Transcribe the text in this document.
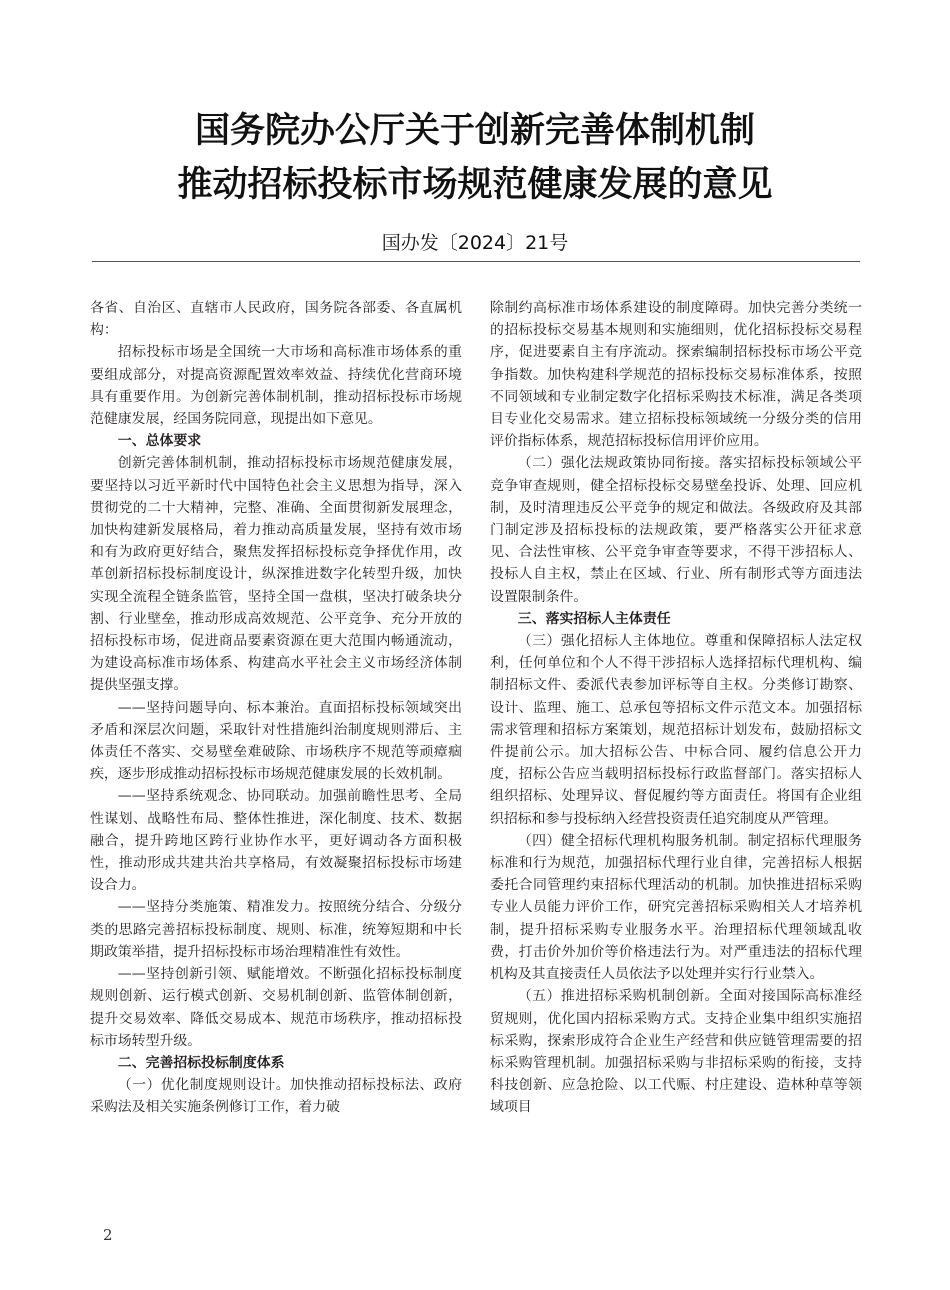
国务院办公厅关于创新完善体制机制
推动招标投标市场规范健康发展的意见
国办发〔2024〕21号

各省、自治区、直辖市人民政府，国务院各部委、各直属机构：

招标投标市场是全国统一大市场和高标准市场体系的重要组成部分，对提高资源配置效率效益、持续优化营商环境具有重要作用。为创新完善体制机制，推动招标投标市场规范健康发展，经国务院同意，现提出如下意见。

一、总体要求

创新完善体制机制，推动招标投标市场规范健康发展，要坚持以习近平新时代中国特色社会主义思想为指导，深入贯彻党的二十大精神，完整、准确、全面贯彻新发展理念，加快构建新发展格局，着力推动高质量发展，坚持有效市场和有为政府更好结合，聚焦发挥招标投标竞争择优作用，改革创新招标投标制度设计，纵深推进数字化转型升级，加快实现全流程全链条监管，坚持全国一盘棋，坚决打破条块分割、行业壁垒，推动形成高效规范、公平竞争、充分开放的招标投标市场，促进商品要素资源在更大范围内畅通流动，为建设高标准市场体系、构建高水平社会主义市场经济体制提供坚强支撑。

——坚持问题导向、标本兼治。直面招标投标领域突出矛盾和深层次问题，采取针对性措施纠治制度规则滞后、主体责任不落实、交易壁垒难破除、市场秩序不规范等顽瘴痼疾，逐步形成推动招标投标市场规范健康发展的长效机制。

——坚持系统观念、协同联动。加强前瞻性思考、全局性谋划、战略性布局、整体性推进，深化制度、技术、数据融合，提升跨地区跨行业协作水平，更好调动各方面积极性，推动形成共建共治共享格局，有效凝聚招标投标市场建设合力。

——坚持分类施策、精准发力。按照统分结合、分级分类的思路完善招标投标制度、规则、标准，统筹短期和中长期政策举措，提升招标投标市场治理精准性有效性。

——坚持创新引领、赋能增效。不断强化招标投标制度规则创新、运行模式创新、交易机制创新、监管体制创新，提升交易效率、降低交易成本、规范市场秩序，推动招标投标市场转型升级。

二、完善招标投标制度体系

（一）优化制度规则设计。加快推动招标投标法、政府采购法及相关实施条例修订工作，着力破

除制约高标准市场体系建设的制度障碍。加快完善分类统一的招标投标交易基本规则和实施细则，优化招标投标交易程序，促进要素自主有序流动。探索编制招标投标市场公平竞争指数。加快构建科学规范的招标投标交易标准体系，按照不同领域和专业制定数字化招标采购技术标准，满足各类项目专业化交易需求。建立招标投标领域统一分级分类的信用评价指标体系，规范招标投标信用评价应用。

（二）强化法规政策协同衔接。落实招标投标领域公平竞争审查规则，健全招标投标交易壁垒投诉、处理、回应机制，及时清理违反公平竞争的规定和做法。各级政府及其部门制定涉及招标投标的法规政策，要严格落实公开征求意见、合法性审核、公平竞争审查等要求，不得干涉招标人、投标人自主权，禁止在区域、行业、所有制形式等方面违法设置限制条件。

三、落实招标人主体责任

（三）强化招标人主体地位。尊重和保障招标人法定权利，任何单位和个人不得干涉招标人选择招标代理机构、编制招标文件、委派代表参加评标等自主权。分类修订勘察、设计、监理、施工、总承包等招标文件示范文本。加强招标需求管理和招标方案策划，规范招标计划发布，鼓励招标文件提前公示。加大招标公告、中标合同、履约信息公开力度，招标公告应当载明招标投标行政监督部门。落实招标人组织招标、处理异议、督促履约等方面责任。将国有企业组织招标和参与投标纳入经营投资责任追究制度从严管理。

（四）健全招标代理机构服务机制。制定招标代理服务标准和行为规范，加强招标代理行业自律，完善招标人根据委托合同管理约束招标代理活动的机制。加快推进招标采购专业人员能力评价工作，研究完善招标采购相关人才培养机制，提升招标采购专业服务水平。治理招标代理领域乱收费，打击价外加价等价格违法行为。对严重违法的招标代理机构及其直接责任人员依法予以处理并实行行业禁入。

（五）推进招标采购机制创新。全面对接国际高标准经贸规则，优化国内招标采购方式。支持企业集中组织实施招标采购，探索形成符合企业生产经营和供应链管理需要的招标采购管理机制。加强招标采购与非招标采购的衔接，支持科技创新、应急抢险、以工代赈、村庄建设、造林种草等领域项目

2
